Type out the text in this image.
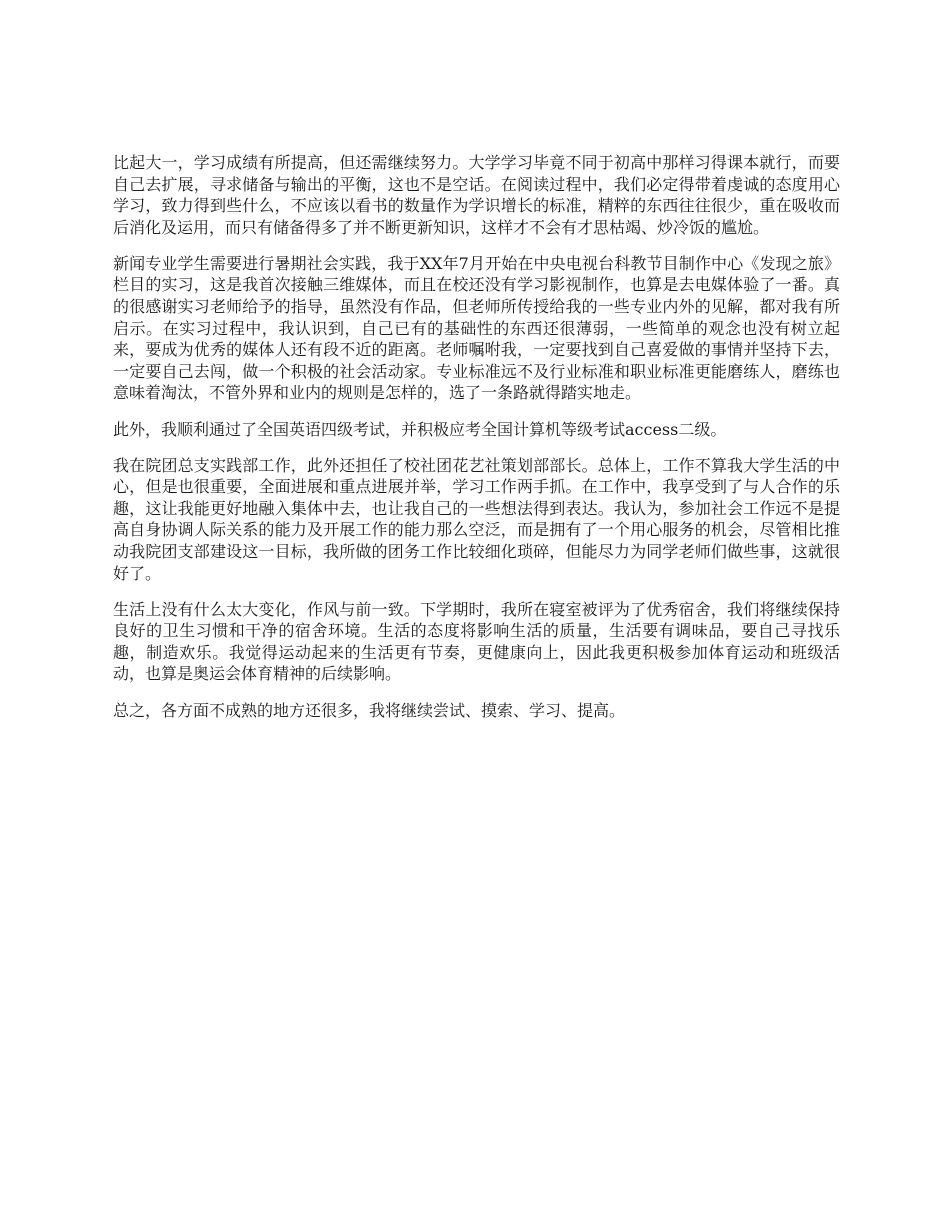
比起大一，学习成绩有所提高，但还需继续努力。大学学习毕竟不同于初高中那样习得课本就行，而要自己去扩展，寻求储备与输出的平衡，这也不是空话。在阅读过程中，我们必定得带着虔诚的态度用心学习，致力得到些什么，不应该以看书的数量作为学识增长的标准，精粹的东西往往很少，重在吸收而后消化及运用，而只有储备得多了并不断更新知识，这样才不会有才思枯竭、炒冷饭的尴尬。

新闻专业学生需要进行暑期社会实践，我于XX年7月开始在中央电视台科教节目制作中心《发现之旅》栏目的实习，这是我首次接触三维媒体，而且在校还没有学习影视制作，也算是去电媒体验了一番。真的很感谢实习老师给予的指导，虽然没有作品，但老师所传授给我的一些专业内外的见解，都对我有所启示。在实习过程中，我认识到，自己已有的基础性的东西还很薄弱，一些简单的观念也没有树立起来，要成为优秀的媒体人还有段不近的距离。老师嘱咐我，一定要找到自己喜爱做的事情并坚持下去，一定要自己去闯，做一个积极的社会活动家。专业标准远不及行业标准和职业标准更能磨练人，磨练也意味着淘汰，不管外界和业内的规则是怎样的，选了一条路就得踏实地走。

此外，我顺利通过了全国英语四级考试，并积极应考全国计算机等级考试access二级。

我在院团总支实践部工作，此外还担任了校社团花艺社策划部部长。总体上，工作不算我大学生活的中心，但是也很重要，全面进展和重点进展并举，学习工作两手抓。在工作中，我享受到了与人合作的乐趣，这让我能更好地融入集体中去，也让我自己的一些想法得到表达。我认为，参加社会工作远不是提高自身协调人际关系的能力及开展工作的能力那么空泛，而是拥有了一个用心服务的机会，尽管相比推动我院团支部建设这一目标，我所做的团务工作比较细化琐碎，但能尽力为同学老师们做些事，这就很好了。

生活上没有什么太大变化，作风与前一致。下学期时，我所在寝室被评为了优秀宿舍，我们将继续保持良好的卫生习惯和干净的宿舍环境。生活的态度将影响生活的质量，生活要有调味品，要自己寻找乐趣，制造欢乐。我觉得运动起来的生活更有节奏，更健康向上，因此我更积极参加体育运动和班级活动，也算是奥运会体育精神的后续影响。

总之，各方面不成熟的地方还很多，我将继续尝试、摸索、学习、提高。
